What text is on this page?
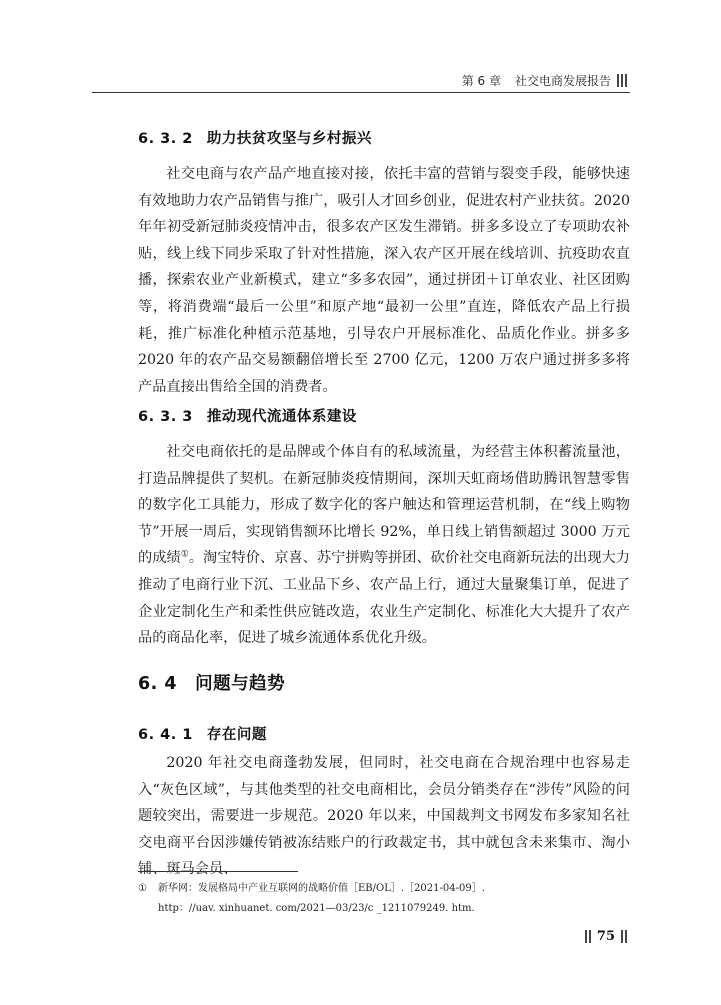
第 6 章 社交电商发展报告
6. 3. 2 助力扶贫攻坚与乡村振兴

社交电商与农产品产地直接对接，依托丰富的营销与裂变手段，能够快速有效地助力农产品销售与推广，吸引人才回乡创业，促进农村产业扶贫。2020 年年初受新冠肺炎疫情冲击，很多农产区发生滞销。拼多多设立了专项助农补贴，线上线下同步采取了针对性措施，深入农产区开展在线培训、抗疫助农直播，探索农业产业新模式，建立“多多农园”，通过拼团＋订单农业、社区团购等，将消费端“最后一公里”和原产地“最初一公里”直连，降低农产品上行损耗，推广标准化种植示范基地，引导农户开展标准化、品质化作业。拼多多 2020 年的农产品交易额翻倍增长至 2700 亿元，1200 万农户通过拼多多将产品直接出售给全国的消费者。

6. 3. 3 推动现代流通体系建设

社交电商依托的是品牌或个体自有的私域流量，为经营主体积蓄流量池，打造品牌提供了契机。在新冠肺炎疫情期间，深圳天虹商场借助腾讯智慧零售的数字化工具能力，形成了数字化的客户触达和管理运营机制，在“线上购物节”开展一周后，实现销售额环比增长 92%，单日线上销售额超过 3000 万元的成绩①。淘宝特价、京喜、苏宁拼购等拼团、砍价社交电商新玩法的出现大力推动了电商行业下沉、工业品下乡、农产品上行，通过大量聚集订单，促进了企业定制化生产和柔性供应链改造，农业生产定制化、标准化大大提升了农产品的商品化率，促进了城乡流通体系优化升级。

6. 4 问题与趋势
6. 4. 1 存在问题

2020 年社交电商蓬勃发展，但同时，社交电商在合规治理中也容易走入“灰色区域”，与其他类型的社交电商相比，会员分销类存在“涉传”风险的问题较突出，需要进一步规范。2020 年以来，中国裁判文书网发布多家知名社交电商平台因涉嫌传销被冻结账户的行政裁定书，其中就包含未来集市、淘小铺、斑马会员、

① 新华网：发展格局中产业互联网的战略价值［EB/OL］.［2021-04-09］.
http：//uav. xinhuanet. com/2021—03/23/c _1211079249. htm.
75
